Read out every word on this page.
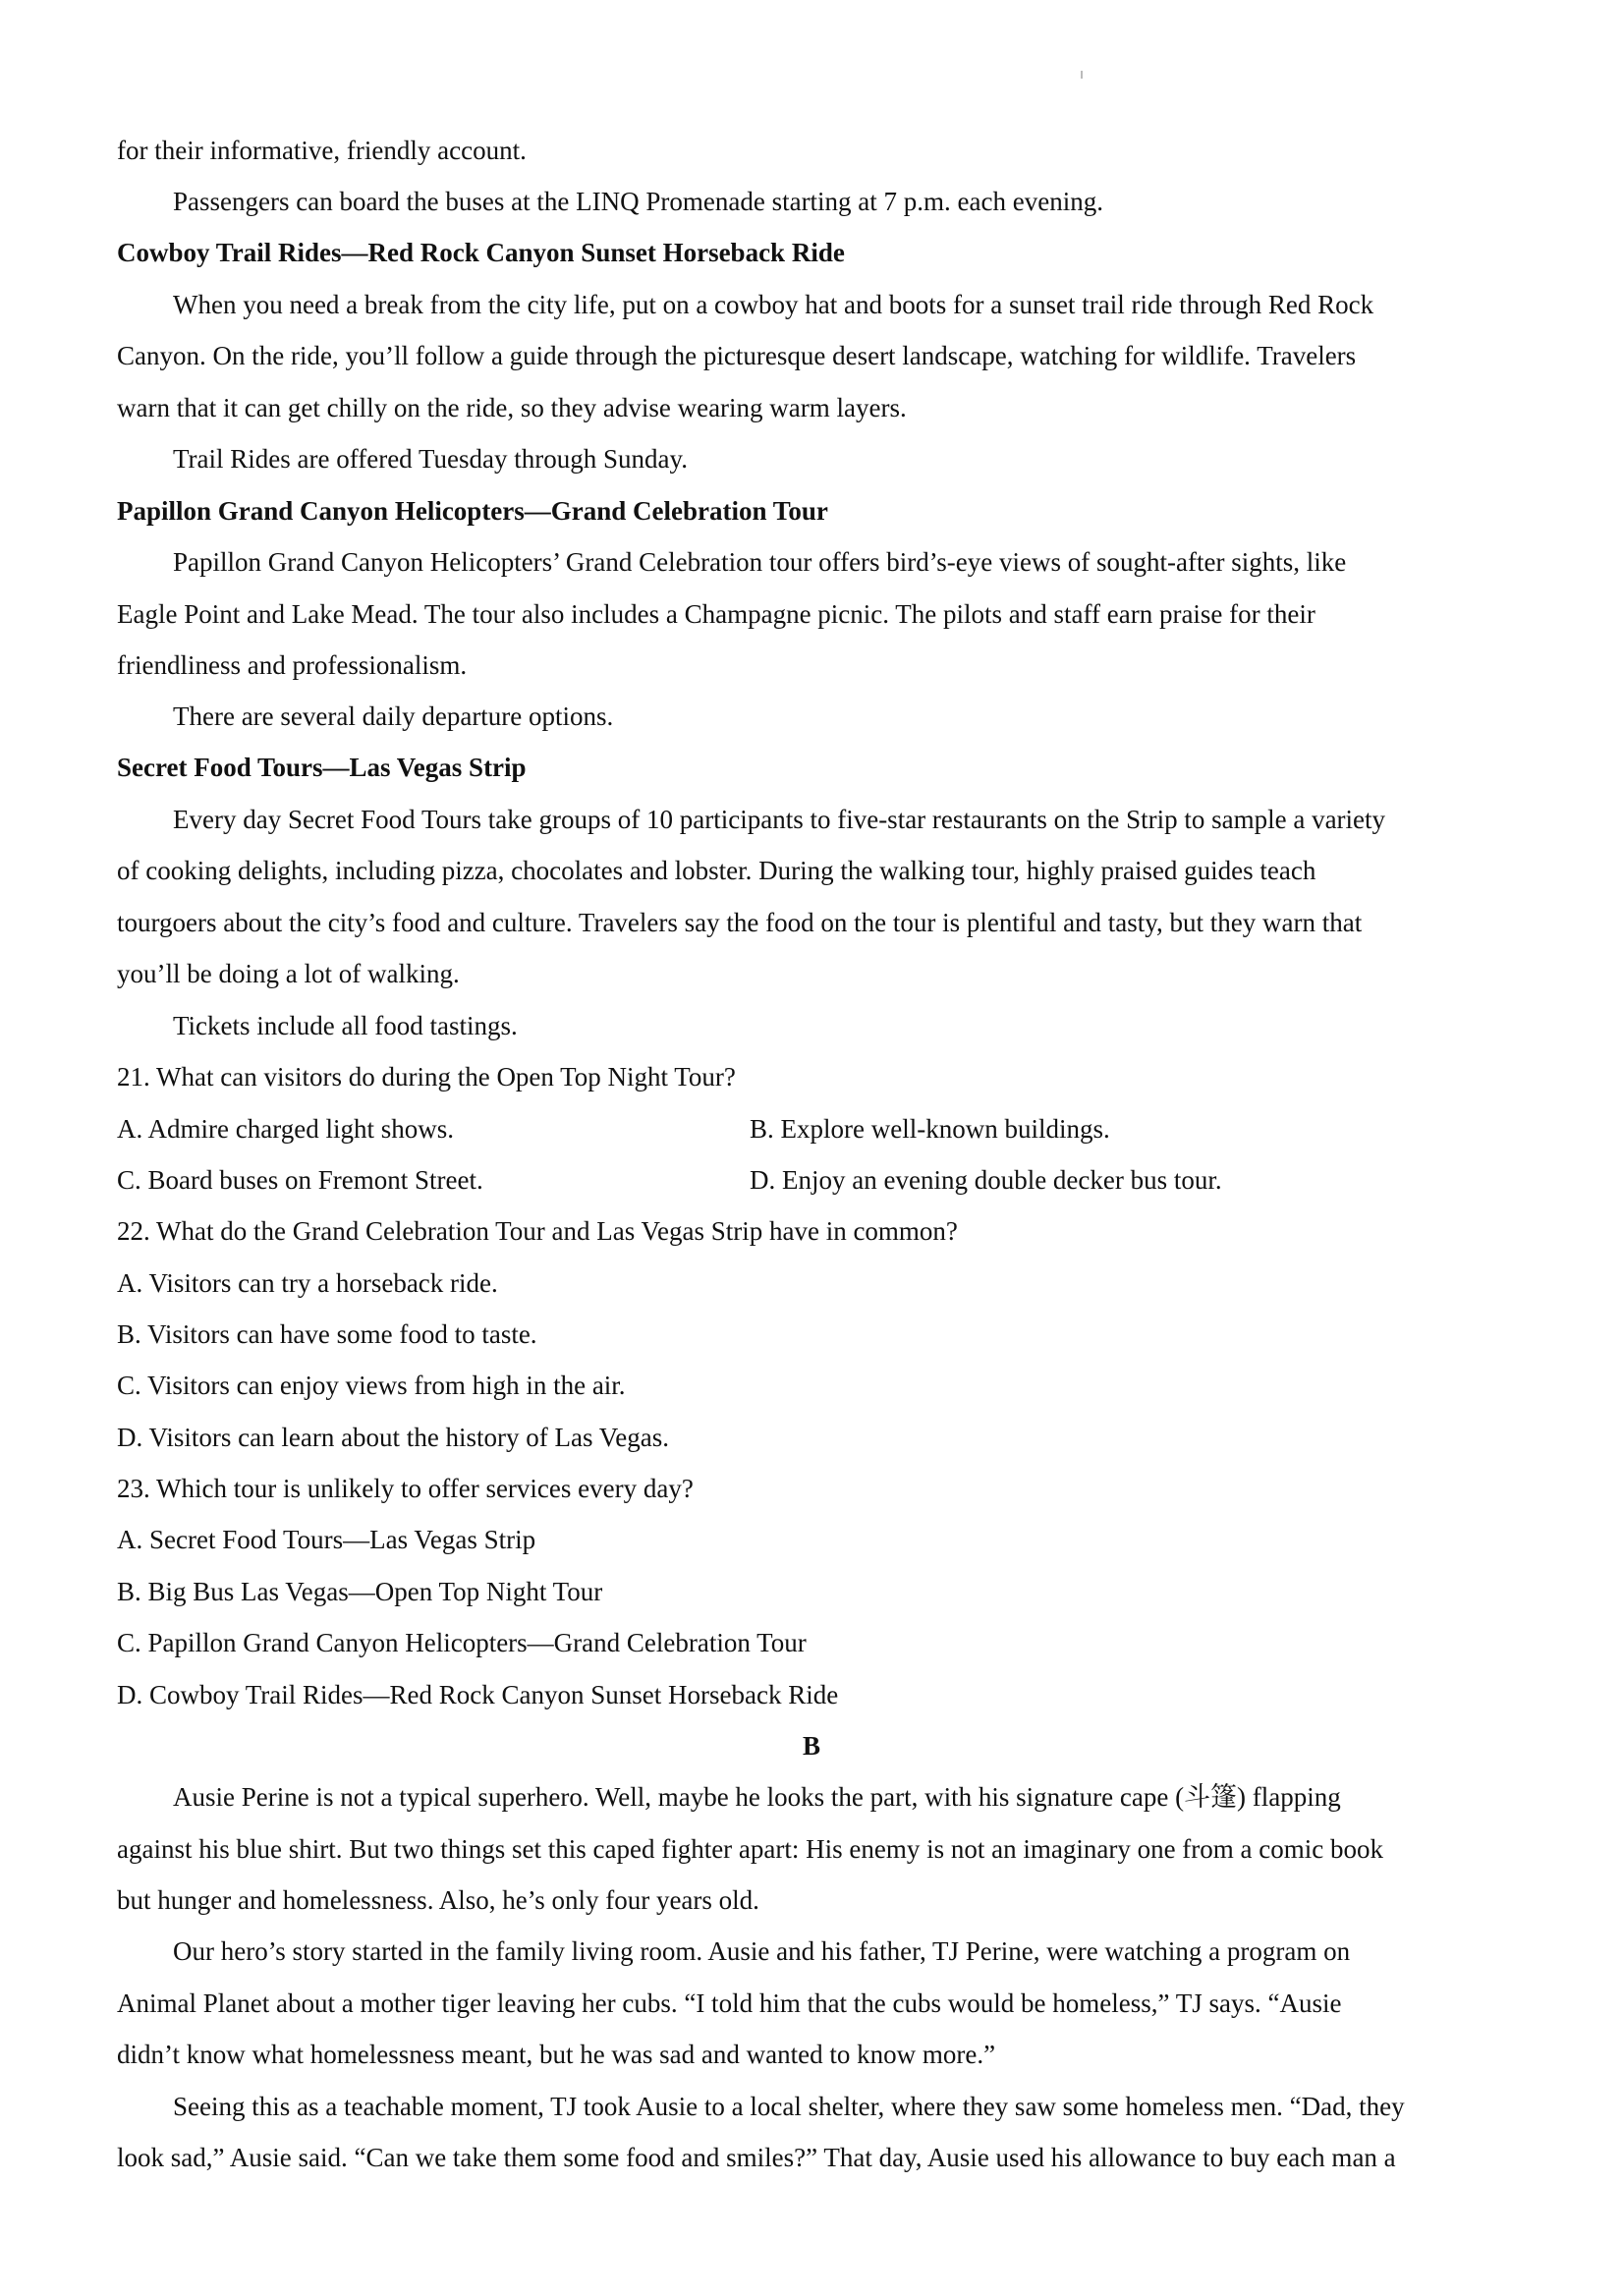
for their informative, friendly account.
Passengers can board the buses at the LINQ Promenade starting at 7 p.m. each evening.
Cowboy Trail Rides—Red Rock Canyon Sunset Horseback Ride
When you need a break from the city life, put on a cowboy hat and boots for a sunset trail ride through Red Rock
Canyon. On the ride, you’ll follow a guide through the picturesque desert landscape, watching for wildlife. Travelers
warn that it can get chilly on the ride, so they advise wearing warm layers.
Trail Rides are offered Tuesday through Sunday.
Papillon Grand Canyon Helicopters—Grand Celebration Tour
Papillon Grand Canyon Helicopters’ Grand Celebration tour offers bird’s-eye views of sought-after sights, like
Eagle Point and Lake Mead. The tour also includes a Champagne picnic. The pilots and staff earn praise for their
friendliness and professionalism.
There are several daily departure options.
Secret Food Tours—Las Vegas Strip
Every day Secret Food Tours take groups of 10 participants to five-star restaurants on the Strip to sample a variety
of cooking delights, including pizza, chocolates and lobster. During the walking tour, highly praised guides teach
tourgoers about the city’s food and culture. Travelers say the food on the tour is plentiful and tasty, but they warn that
you’ll be doing a lot of walking.
Tickets include all food tastings.
21. What can visitors do during the Open Top Night Tour?
A. Admire charged light shows.	B. Explore well-known buildings.
C. Board buses on Fremont Street.	D. Enjoy an evening double decker bus tour.
22. What do the Grand Celebration Tour and Las Vegas Strip have in common?
A. Visitors can try a horseback ride.
B. Visitors can have some food to taste.
C. Visitors can enjoy views from high in the air.
D. Visitors can learn about the history of Las Vegas.
23. Which tour is unlikely to offer services every day?
A. Secret Food Tours—Las Vegas Strip
B. Big Bus Las Vegas—Open Top Night Tour
C. Papillon Grand Canyon Helicopters—Grand Celebration Tour
D. Cowboy Trail Rides—Red Rock Canyon Sunset Horseback Ride
B
Ausie Perine is not a typical superhero. Well, maybe he looks the part, with his signature cape (斗篷) flapping
against his blue shirt. But two things set this caped fighter apart: His enemy is not an imaginary one from a comic book
but hunger and homelessness. Also, he’s only four years old.
Our hero’s story started in the family living room. Ausie and his father, TJ Perine, were watching a program on
Animal Planet about a mother tiger leaving her cubs. “I told him that the cubs would be homeless,” TJ says. “Ausie
didn’t know what homelessness meant, but he was sad and wanted to know more.”
Seeing this as a teachable moment, TJ took Ausie to a local shelter, where they saw some homeless men. “Dad, they
look sad,” Ausie said. “Can we take them some food and smiles?” That day, Ausie used his allowance to buy each man a
